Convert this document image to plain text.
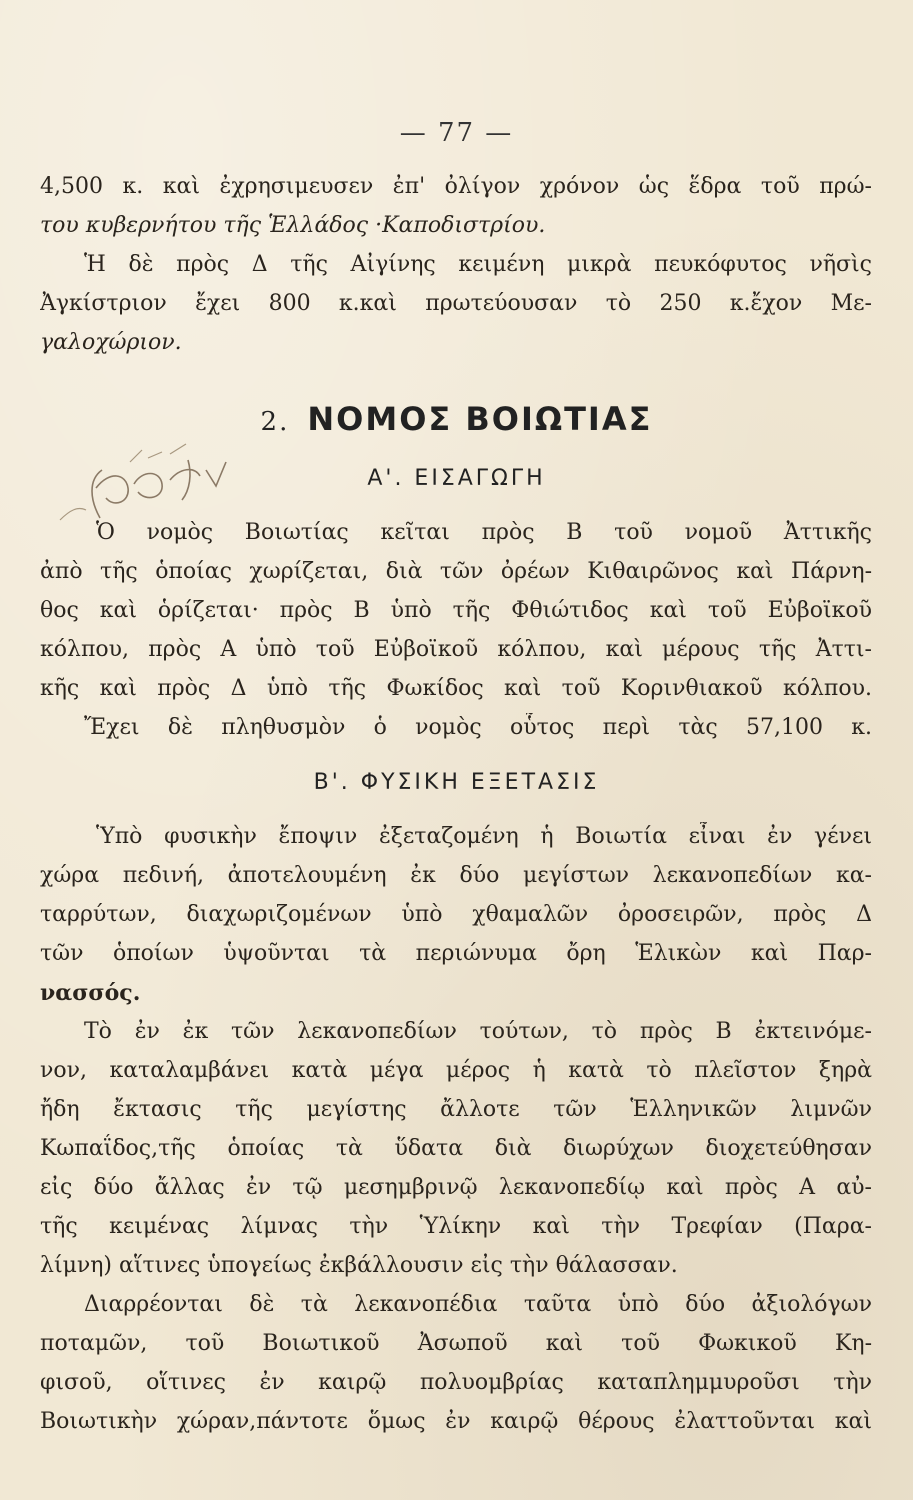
— 77 —
4,500 κ. καὶ ἐχρησιμευσεν ἐπ' ὀλίγον χρόνον ὡς ἕδρα τοῦ πρώ-
του κυβερνήτου τῆς Ἑλλάδος ·Καποδιστρίου.
Ἡ δὲ πρὸς Δ τῆς Αἰγίνης κειμένη μικρὰ πευκόφυτος νῆσὶς
Ἀγκίστριον ἔχει 800 κ.καὶ πρωτεύουσαν τὸ 250 κ.ἔχον Με-
γαλοχώριον.
2. ΝΟΜΟΣ ΒΟΙΩΤΙΑΣ
Α'. ΕΙΣΑΓΩΓΗ
Ὁ νομὸς Βοιωτίας κεῖται πρὸς Β τοῦ νομοῦ Ἀττικῆς
ἀπὸ τῆς ὁποίας χωρίζεται, διὰ τῶν ὀρέων Κιθαιρῶνος καὶ Πάρνη-
θος καὶ ὁρίζεται· πρὸς Β ὑπὸ τῆς Φθιώτιδος καὶ τοῦ Εὐβοϊκοῦ
κόλπου, πρὸς Α ὑπὸ τοῦ Εὐβοϊκοῦ κόλπου, καὶ μέρους τῆς Ἀττι-
κῆς καὶ πρὸς Δ ὑπὸ τῆς Φωκίδος καὶ τοῦ Κορινθιακοῦ κόλπου.
Ἔχει δὲ πληθυσμὸν ὁ νομὸς οὗτος περὶ τὰς 57,100 κ.
Β'. ΦΥΣΙΚΗ ΕΞΕΤΑΣΙΣ
Ὑπὸ φυσικὴν ἔποψιν ἐξεταζομένη ἡ Βοιωτία εἶναι ἐν γένει
χώρα πεδινή, ἀποτελουμένη ἐκ δύο μεγίστων λεκανοπεδίων κα-
ταρρύτων, διαχωριζομένων ὑπὸ χθαμαλῶν ὀροσειρῶν, πρὸς Δ
τῶν ὁποίων ὑψοῦνται τὰ περιώνυμα ὄρη Ἑλικὼν καὶ Παρ-
νασσός.
Τὸ ἐν ἐκ τῶν λεκανοπεδίων τούτων, τὸ πρὸς Β ἐκτεινόμε-
νον, καταλαμβάνει κατὰ μέγα μέρος ἡ κατὰ τὸ πλεῖστον ξηρὰ
ἤδη ἔκτασις τῆς μεγίστης ἄλλοτε τῶν Ἑλληνικῶν λιμνῶν
Κωπαΐδος,τῆς ὁποίας τὰ ὕδατα διὰ διωρύχων διοχετεύθησαν
εἰς δύο ἄλλας ἐν τῷ μεσημβρινῷ λεκανοπεδίῳ καὶ πρὸς Α αὐ-
τῆς κειμένας λίμνας τὴν Ὑλίκην καὶ τὴν Τρεφίαν (Παρα-
λίμνη) αἵτινες ὑπογείως ἐκβάλλουσιν εἰς τὴν θάλασσαν.
Διαρρέονται δὲ τὰ λεκανοπέδια ταῦτα ὑπὸ δύο ἀξιολόγων
ποταμῶν, τοῦ Βοιωτικοῦ Ἀσωποῦ καὶ τοῦ Φωκικοῦ Κη-
φισοῦ, οἵτινες ἐν καιρῷ πολυομβρίας καταπλημμυροῦσι τὴν
Βοιωτικὴν χώραν,πάντοτε ὅμως ἐν καιρῷ θέρους ἐλαττοῦνται καὶ
